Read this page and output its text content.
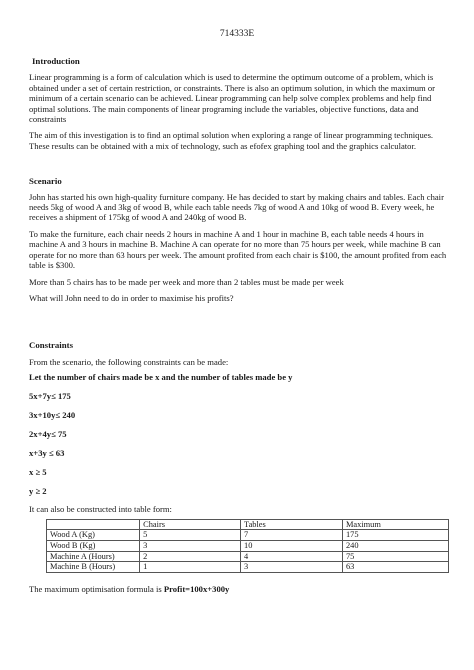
714333E

Introduction

Linear programming is a form of calculation which is used to determine the optimum outcome of a problem, which is obtained under a set of certain restriction, or constraints. There is also an optimum solution, in which the maximum or minimum of a certain scenario can be achieved. Linear programming can help solve complex problems and help find optimal solutions. The main components of linear programing include the variables, objective functions, data and constraints

The aim of this investigation is to find an optimal solution when exploring a range of linear programming techniques. These results can be obtained with a mix of technology, such as efofex graphing tool and the graphics calculator.

Scenario

John has started his own high-quality furniture company. He has decided to start by making chairs and tables. Each chair needs 5kg of wood A and 3kg of wood B, while each table needs 7kg of wood A and 10kg of wood B. Every week, he receives a shipment of 175kg of wood A and 240kg of wood B.

To make the furniture, each chair needs 2 hours in machine A and 1 hour in machine B, each table needs 4 hours in machine A and 3 hours in machine B. Machine A can operate for no more than 75 hours per week, while machine B can operate for no more than 63 hours per week. The amount profited from each chair is $100, the amount profited from each table is $300.

More than 5 chairs has to be made per week and more than 2 tables must be made per week

What will John need to do in order to maximise his profits?

Constraints

From the scenario, the following constraints can be made:

Let the number of chairs made be x and the number of tables made be y

5x+7y≤ 175

3x+10y≤ 240

2x+4y≤ 75

x+3y ≤ 63

x ≥ 5

y ≥ 2

It can also be constructed into table form:

	Chairs	Tables	Maximum
Wood A (Kg)	5	7	175
Wood B (Kg)	3	10	240
Machine A (Hours)	2	4	75
Machine B (Hours)	1	3	63

The maximum optimisation formula is Profit=100x+300y
